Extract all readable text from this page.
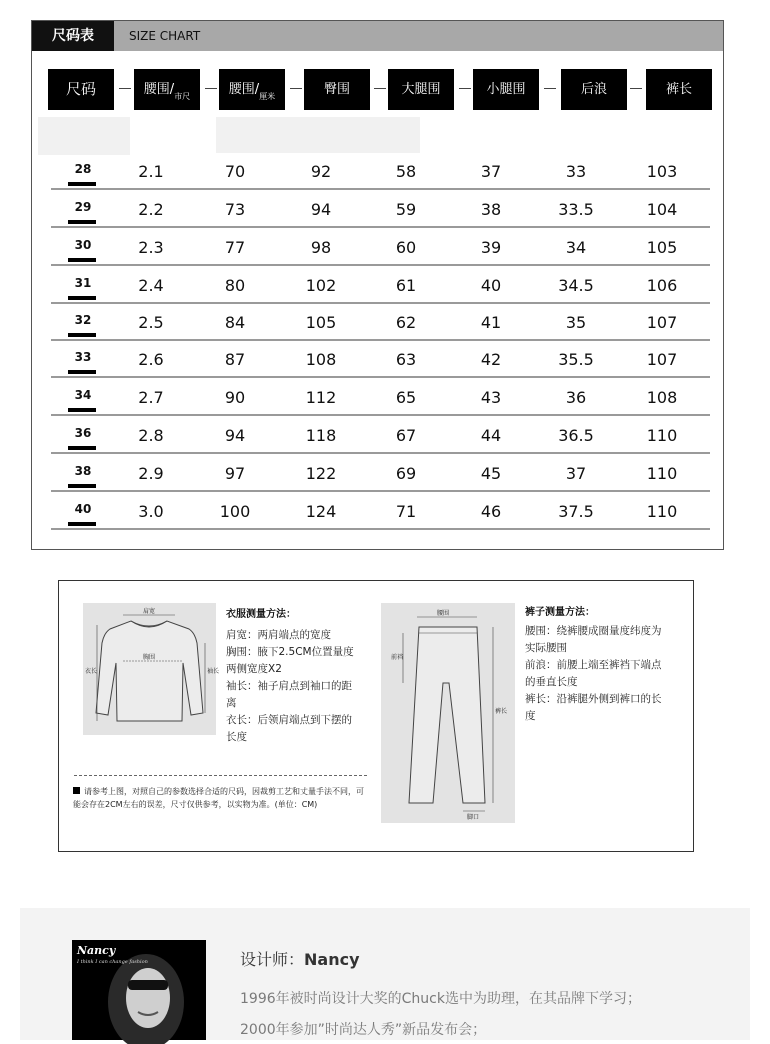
尺码表	SIZE CHART
尺码	腰围$/_{市尺}$	腰围$/_{厘米}$	臀围	大腿围	小腿围	后浪	裤长
28	2.1	70	92	58	37	33	103
29	2.2	73	94	59	38	33.5	104
30	2.3	77	98	60	39	34	105
31	2.4	80	102	61	40	34.5	106
32	2.5	84	105	62	41	35	107
33	2.6	87	108	63	42	35.5	107
34	2.7	90	112	65	43	36	108
36	2.8	94	118	67	44	36.5	110
38	2.9	97	122	69	45	37	110
40	3.0	100	124	71	46	37.5	110
肩宽
胸围
衣长	袖长
衣服测量方法：
肩宽：两肩端点的宽度
胸围：腋下2.5CM位置量度
两侧宽度X2
袖长：袖子肩点到袖口的距
离
衣长：后领肩端点到下摆的
长度
腰围
前裆
裤长
脚口
裤子测量方法：
腰围：绕裤腰成圈量度纬度为
实际腰围
前浪：前腰上端至裤裆下端点
的垂直长度
裤长：沿裤腿外侧到裤口的长
度
请参考上图，对照自己的参数选择合适的尺码，因裁剪工艺和丈量手法不同，可能会存在2CM左右的误差，尺寸仅供参考，以实物为准。(单位：CM)
Nancy
I think I can change fashion	设计师：Nancy
1996年被时尚设计大奖的Chuck选中为助理，在其品牌下学习；
2000年参加”时尚达人秀”新品发布会；
